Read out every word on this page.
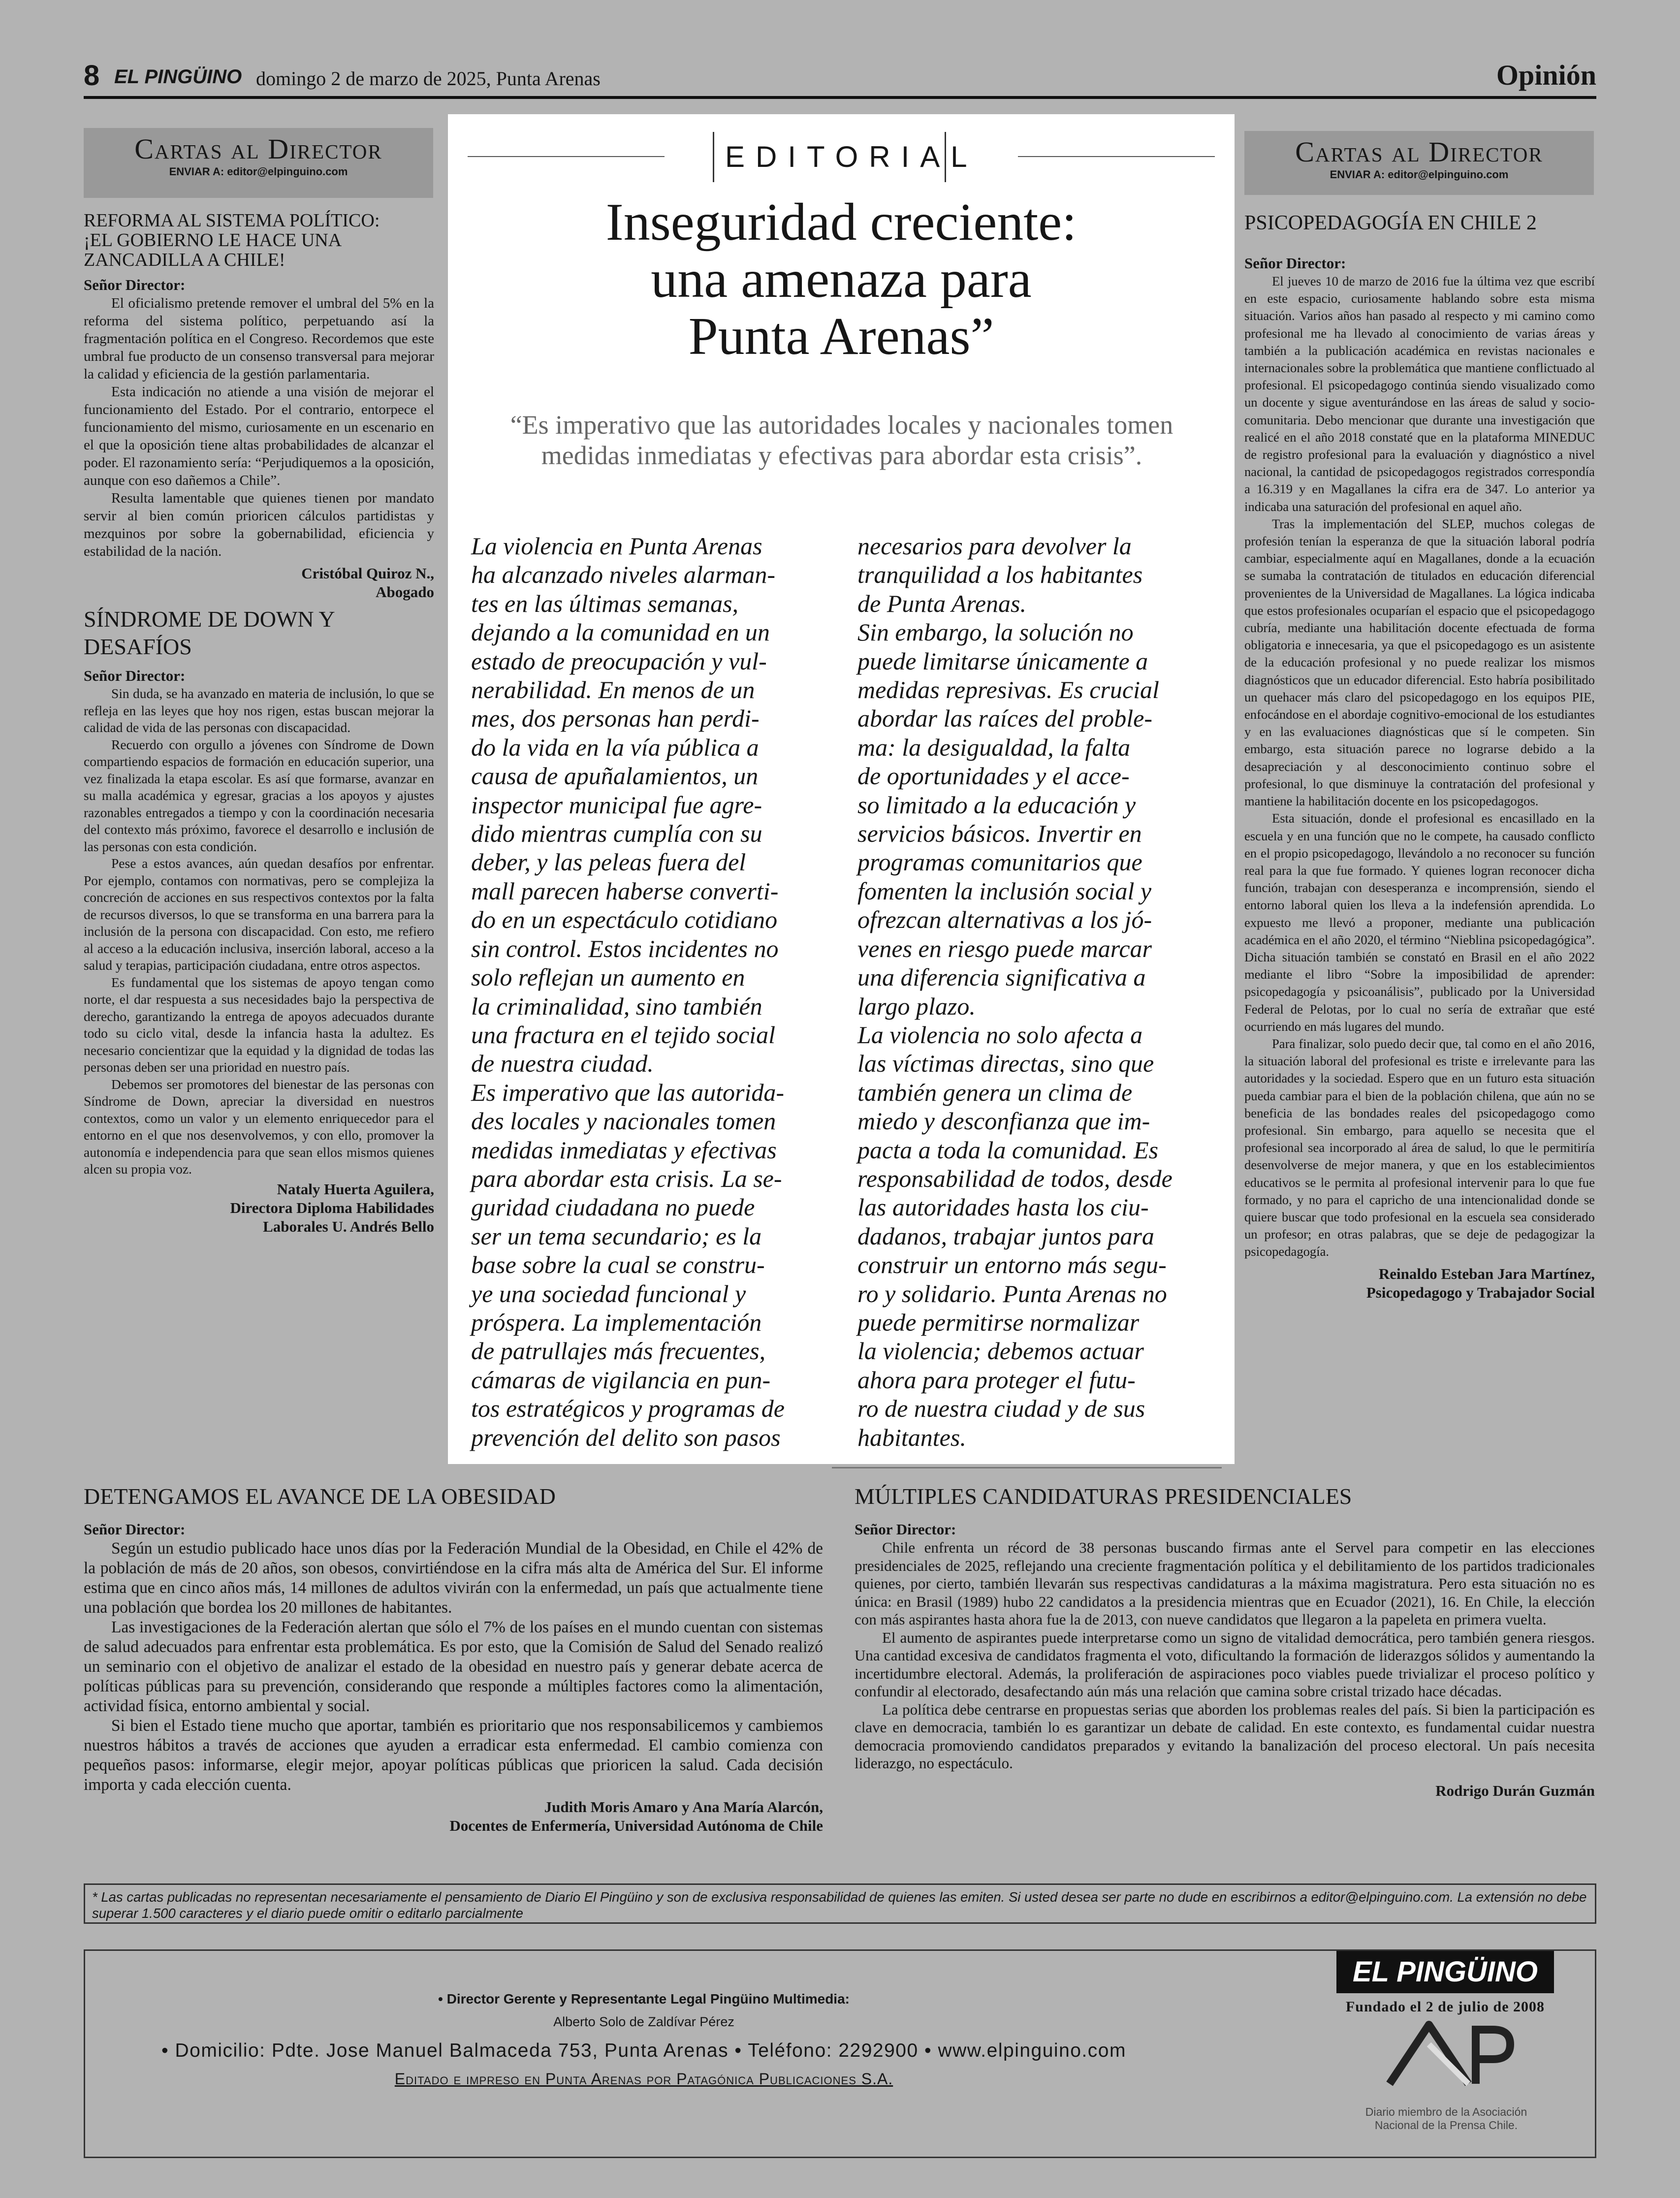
8 EL PINGÜINO domingo 2 de marzo de 2025, Punta Arenas	Opinión
Cartas al Director
ENVIAR A: editor@elpinguino.com
Cartas al Director
ENVIAR A: editor@elpinguino.com
REFORMA AL SISTEMA POLÍTICO:
¡EL GOBIERNO LE HACE UNA
ZANCADILLA A CHILE!
Señor Director:

El oficialismo pretende remover el umbral del 5% en la reforma del sistema político, perpetuando así la fragmentación política en el Congreso. Recordemos que este umbral fue producto de un consenso transversal para mejorar la calidad y eficiencia de la gestión parlamentaria.

Esta indicación no atiende a una visión de mejorar el funcionamiento del Estado. Por el contrario, entorpece el funcionamiento del mismo, curiosamente en un escenario en el que la oposición tiene altas probabilidades de alcanzar el poder. El razonamiento sería: “Perjudiquemos a la oposición, aunque con eso dañemos a Chile”.

Resulta lamentable que quienes tienen por mandato servir al bien común prioricen cálculos partidistas y mezquinos por sobre la gobernabilidad, eficiencia y estabilidad de la nación.

Cristóbal Quiroz N.,
Abogado
SÍNDROME DE DOWN Y
DESAFÍOS
Señor Director:

Sin duda, se ha avanzado en materia de inclusión, lo que se refleja en las leyes que hoy nos rigen, estas buscan mejorar la calidad de vida de las personas con discapacidad.

Recuerdo con orgullo a jóvenes con Síndrome de Down compartiendo espacios de formación en educación superior, una vez finalizada la etapa escolar. Es así que formarse, avanzar en su malla académica y egresar, gracias a los apoyos y ajustes razonables entregados a tiempo y con la coordinación necesaria del contexto más próximo, favorece el desarrollo e inclusión de las personas con esta condición.

Pese a estos avances, aún quedan desafíos por enfrentar. Por ejemplo, contamos con normativas, pero se complejiza la concreción de acciones en sus respectivos contextos por la falta de recursos diversos, lo que se transforma en una barrera para la inclusión de la persona con discapacidad. Con esto, me refiero al acceso a la educación inclusiva, inserción laboral, acceso a la salud y terapias, participación ciudadana, entre otros aspectos.

Es fundamental que los sistemas de apoyo tengan como norte, el dar respuesta a sus necesidades bajo la perspectiva de derecho, garantizando la entrega de apoyos adecuados durante todo su ciclo vital, desde la infancia hasta la adultez. Es necesario concientizar que la equidad y la dignidad de todas las personas deben ser una prioridad en nuestro país.

Debemos ser promotores del bienestar de las personas con Síndrome de Down, apreciar la diversidad en nuestros contextos, como un valor y un elemento enriquecedor para el entorno en el que nos desenvolvemos, y con ello, promover la autonomía e independencia para que sean ellos mismos quienes alcen su propia voz.

Nataly Huerta Aguilera,
Directora Diploma Habilidades
Laborales U. Andrés Bello
EDITORIAL
Inseguridad creciente:
una amenaza para
Punta Arenas”
“Es imperativo que las autoridades locales y nacionales tomen medidas inmediatas y efectivas para abordar esta crisis”.
La violencia en Punta Arenas
ha alcanzado niveles alarman-
tes en las últimas semanas,
dejando a la comunidad en un
estado de preocupación y vul-
nerabilidad. En menos de un
mes, dos personas han perdi-
do la vida en la vía pública a
causa de apuñalamientos, un
inspector municipal fue agre-
dido mientras cumplía con su
deber, y las peleas fuera del
mall parecen haberse converti-
do en un espectáculo cotidiano
sin control. Estos incidentes no
solo reflejan un aumento en
la criminalidad, sino también
una fractura en el tejido social
de nuestra ciudad.
Es imperativo que las autorida-
des locales y nacionales tomen
medidas inmediatas y efectivas
para abordar esta crisis. La se-
guridad ciudadana no puede
ser un tema secundario; es la
base sobre la cual se constru-
ye una sociedad funcional y
próspera. La implementación
de patrullajes más frecuentes,
cámaras de vigilancia en pun-
tos estratégicos y programas de
prevención del delito son pasos
necesarios para devolver la
tranquilidad a los habitantes
de Punta Arenas.
Sin embargo, la solución no
puede limitarse únicamente a
medidas represivas. Es crucial
abordar las raíces del proble-
ma: la desigualdad, la falta
de oportunidades y el acce-
so limitado a la educación y
servicios básicos. Invertir en
programas comunitarios que
fomenten la inclusión social y
ofrezcan alternativas a los jó-
venes en riesgo puede marcar
una diferencia significativa a
largo plazo.
La violencia no solo afecta a
las víctimas directas, sino que
también genera un clima de
miedo y desconfianza que im-
pacta a toda la comunidad. Es
responsabilidad de todos, desde
las autoridades hasta los ciu-
dadanos, trabajar juntos para
construir un entorno más segu-
ro y solidario. Punta Arenas no
puede permitirse normalizar
la violencia; debemos actuar
ahora para proteger el futu-
ro de nuestra ciudad y de sus
habitantes.
PSICOPEDAGOGÍA EN CHILE 2
Señor Director:

El jueves 10 de marzo de 2016 fue la última vez que escribí en este espacio, curiosamente hablando sobre esta misma situación. Varios años han pasado al respecto y mi camino como profesional me ha llevado al conocimiento de varias áreas y también a la publicación académica en revistas nacionales e internacionales sobre la problemática que mantiene conflictuado al profesional. El psicopedagogo continúa siendo visualizado como un docente y sigue aventurándose en las áreas de salud y socio-comunitaria. Debo mencionar que durante una investigación que realicé en el año 2018 constaté que en la plataforma MINEDUC de registro profesional para la evaluación y diagnóstico a nivel nacional, la cantidad de psicopedagogos registrados correspondía a 16.319 y en Magallanes la cifra era de 347. Lo anterior ya indicaba una saturación del profesional en aquel año.

Tras la implementación del SLEP, muchos colegas de profesión tenían la esperanza de que la situación laboral podría cambiar, especialmente aquí en Magallanes, donde a la ecuación se sumaba la contratación de titulados en educación diferencial provenientes de la Universidad de Magallanes. La lógica indicaba que estos profesionales ocuparían el espacio que el psicopedagogo cubría, mediante una habilitación docente efectuada de forma obligatoria e innecesaria, ya que el psicopedagogo es un asistente de la educación profesional y no puede realizar los mismos diagnósticos que un educador diferencial. Esto habría posibilitado un quehacer más claro del psicopedagogo en los equipos PIE, enfocándose en el abordaje cognitivo-emocional de los estudiantes y en las evaluaciones diagnósticas que sí le competen. Sin embargo, esta situación parece no lograrse debido a la desapreciación y al desconocimiento continuo sobre el profesional, lo que disminuye la contratación del profesional y mantiene la habilitación docente en los psicopedagogos.

Esta situación, donde el profesional es encasillado en la escuela y en una función que no le compete, ha causado conflicto en el propio psicopedagogo, llevándolo a no reconocer su función real para la que fue formado. Y quienes logran reconocer dicha función, trabajan con desesperanza e incomprensión, siendo el entorno laboral quien los lleva a la indefensión aprendida. Lo expuesto me llevó a proponer, mediante una publicación académica en el año 2020, el término “Nieblina psicopedagógica”. Dicha situación también se constató en Brasil en el año 2022 mediante el libro “Sobre la imposibilidad de aprender: psicopedagogía y psicoanálisis”, publicado por la Universidad Federal de Pelotas, por lo cual no sería de extrañar que esté ocurriendo en más lugares del mundo.

Para finalizar, solo puedo decir que, tal como en el año 2016, la situación laboral del profesional es triste e irrelevante para las autoridades y la sociedad. Espero que en un futuro esta situación pueda cambiar para el bien de la población chilena, que aún no se beneficia de las bondades reales del psicopedagogo como profesional. Sin embargo, para aquello se necesita que el profesional sea incorporado al área de salud, lo que le permitiría desenvolverse de mejor manera, y que en los establecimientos educativos se le permita al profesional intervenir para lo que fue formado, y no para el capricho de una intencionalidad donde se quiere buscar que todo profesional en la escuela sea considerado un profesor; en otras palabras, que se deje de pedagogizar la psicopedagogía.

Reinaldo Esteban Jara Martínez,
Psicopedagogo y Trabajador Social
DETENGAMOS EL AVANCE DE LA OBESIDAD
Señor Director:

Según un estudio publicado hace unos días por la Federación Mundial de la Obesidad, en Chile el 42% de la población de más de 20 años, son obesos, convirtiéndose en la cifra más alta de América del Sur. El informe estima que en cinco años más, 14 millones de adultos vivirán con la enfermedad, un país que actualmente tiene una población que bordea los 20 millones de habitantes.

Las investigaciones de la Federación alertan que sólo el 7% de los países en el mundo cuentan con sistemas de salud adecuados para enfrentar esta problemática. Es por esto, que la Comisión de Salud del Senado realizó un seminario con el objetivo de analizar el estado de la obesidad en nuestro país y generar debate acerca de políticas públicas para su prevención, considerando que responde a múltiples factores como la alimentación, actividad física, entorno ambiental y social.

Si bien el Estado tiene mucho que aportar, también es prioritario que nos responsabilicemos y cambiemos nuestros hábitos a través de acciones que ayuden a erradicar esta enfermedad. El cambio comienza con pequeños pasos: informarse, elegir mejor, apoyar políticas públicas que prioricen la salud. Cada decisión importa y cada elección cuenta.

Judith Moris Amaro y Ana María Alarcón,
Docentes de Enfermería, Universidad Autónoma de Chile
MÚLTIPLES CANDIDATURAS PRESIDENCIALES
Señor Director:

Chile enfrenta un récord de 38 personas buscando firmas ante el Servel para competir en las elecciones presidenciales de 2025, reflejando una creciente fragmentación política y el debilitamiento de los partidos tradicionales quienes, por cierto, también llevarán sus respectivas candidaturas a la máxima magistratura. Pero esta situación no es única: en Brasil (1989) hubo 22 candidatos a la presidencia mientras que en Ecuador (2021), 16. En Chile, la elección con más aspirantes hasta ahora fue la de 2013, con nueve candidatos que llegaron a la papeleta en primera vuelta.

El aumento de aspirantes puede interpretarse como un signo de vitalidad democrática, pero también genera riesgos. Una cantidad excesiva de candidatos fragmenta el voto, dificultando la formación de liderazgos sólidos y aumentando la incertidumbre electoral. Además, la proliferación de aspiraciones poco viables puede trivializar el proceso político y confundir al electorado, desafectando aún más una relación que camina sobre cristal trizado hace décadas.

La política debe centrarse en propuestas serias que aborden los problemas reales del país. Si bien la participación es clave en democracia, también lo es garantizar un debate de calidad. En este contexto, es fundamental cuidar nuestra democracia promoviendo candidatos preparados y evitando la banalización del proceso electoral. Un país necesita liderazgo, no espectáculo.

Rodrigo Durán Guzmán
* Las cartas publicadas no representan necesariamente el pensamiento de Diario El Pingüino y son de exclusiva responsabilidad de quienes las emiten. Si usted desea ser parte no dude en escribirnos a editor@elpinguino.com. La extensión no debe superar 1.500 caracteres y el diario puede omitir o editarlo parcialmente
• Director Gerente y Representante Legal Pingüino Multimedia:
Alberto Solo de Zaldívar Pérez
• Domicilio: Pdte. Jose Manuel Balmaceda 753, Punta Arenas • Teléfono: 2292900 • www.elpinguino.com
Editado e impreso en Punta Arenas por Patagónica Publicaciones S.A.
EL PINGÜINO
Fundado el 2 de julio de 2008
Diario miembro de la Asociación Nacional de la Prensa Chile.
